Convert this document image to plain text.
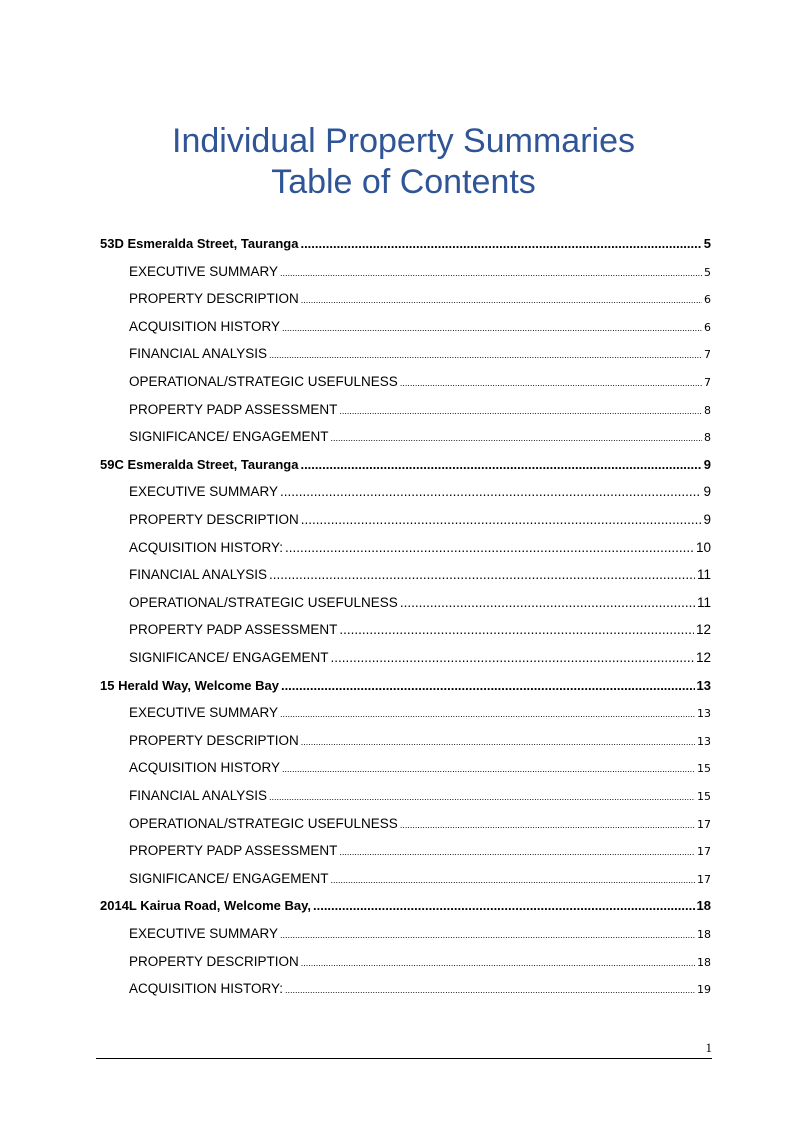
Individual Property Summaries
Table of Contents
53D Esmeralda Street, Tauranga .....	5
EXECUTIVE SUMMARY .....	5
PROPERTY DESCRIPTION .....	6
ACQUISITION HISTORY .....	6
FINANCIAL ANALYSIS .....	7
OPERATIONAL/STRATEGIC USEFULNESS .....	7
PROPERTY PADP ASSESSMENT .....	8
SIGNIFICANCE/ ENGAGEMENT .....	8
59C Esmeralda Street, Tauranga .....	9
EXECUTIVE SUMMARY .....	9
PROPERTY DESCRIPTION .....	9
ACQUISITION HISTORY: .....	10
FINANCIAL ANALYSIS .....	11
OPERATIONAL/STRATEGIC USEFULNESS .....	11
PROPERTY PADP ASSESSMENT .....	12
SIGNIFICANCE/ ENGAGEMENT .....	12
15 Herald Way, Welcome Bay .....	13
EXECUTIVE SUMMARY .....	13
PROPERTY DESCRIPTION .....	13
ACQUISITION HISTORY .....	15
FINANCIAL ANALYSIS .....	15
OPERATIONAL/STRATEGIC USEFULNESS .....	17
PROPERTY PADP ASSESSMENT .....	17
SIGNIFICANCE/ ENGAGEMENT .....	17
2014L Kairua Road, Welcome Bay, .....	18
EXECUTIVE SUMMARY .....	18
PROPERTY DESCRIPTION .....	18
ACQUISITION HISTORY: .....	19
1
